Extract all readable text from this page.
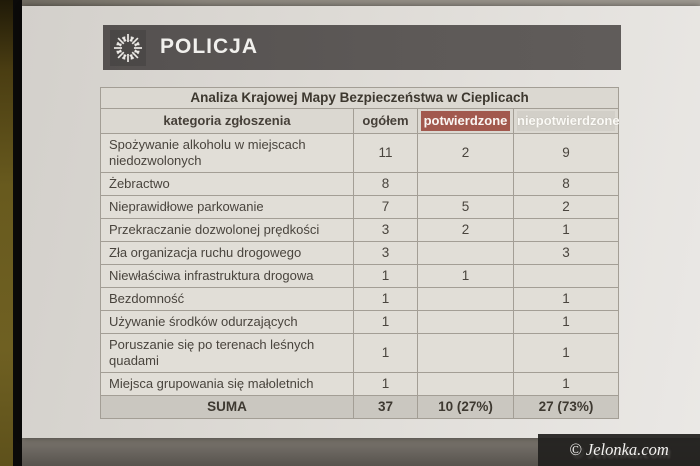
POLICJA
Analiza Krajowej Mapy Bezpieczeństwa w Cieplicach			
kategoria zgłoszenia	ogółem	potwierdzone	niepotwierdzone

Spożywanie alkoholu w miejscach niedozwolonych	11	2	9
Żebractwo	8		8
Nieprawidłowe parkowanie	7	5	2
Przekraczanie dozwolonej prędkości	3	2	1
Zła organizacja ruchu drogowego	3		3
Niewłaściwa infrastruktura drogowa	1	1	
Bezdomność	1		1
Używanie środków odurzających	1		1
Poruszanie się po terenach leśnych quadami	1		1
Miejsca grupowania się małoletnich	1		1
SUMA	37	10 (27%)	27 (73%)
© Jelonka.com
